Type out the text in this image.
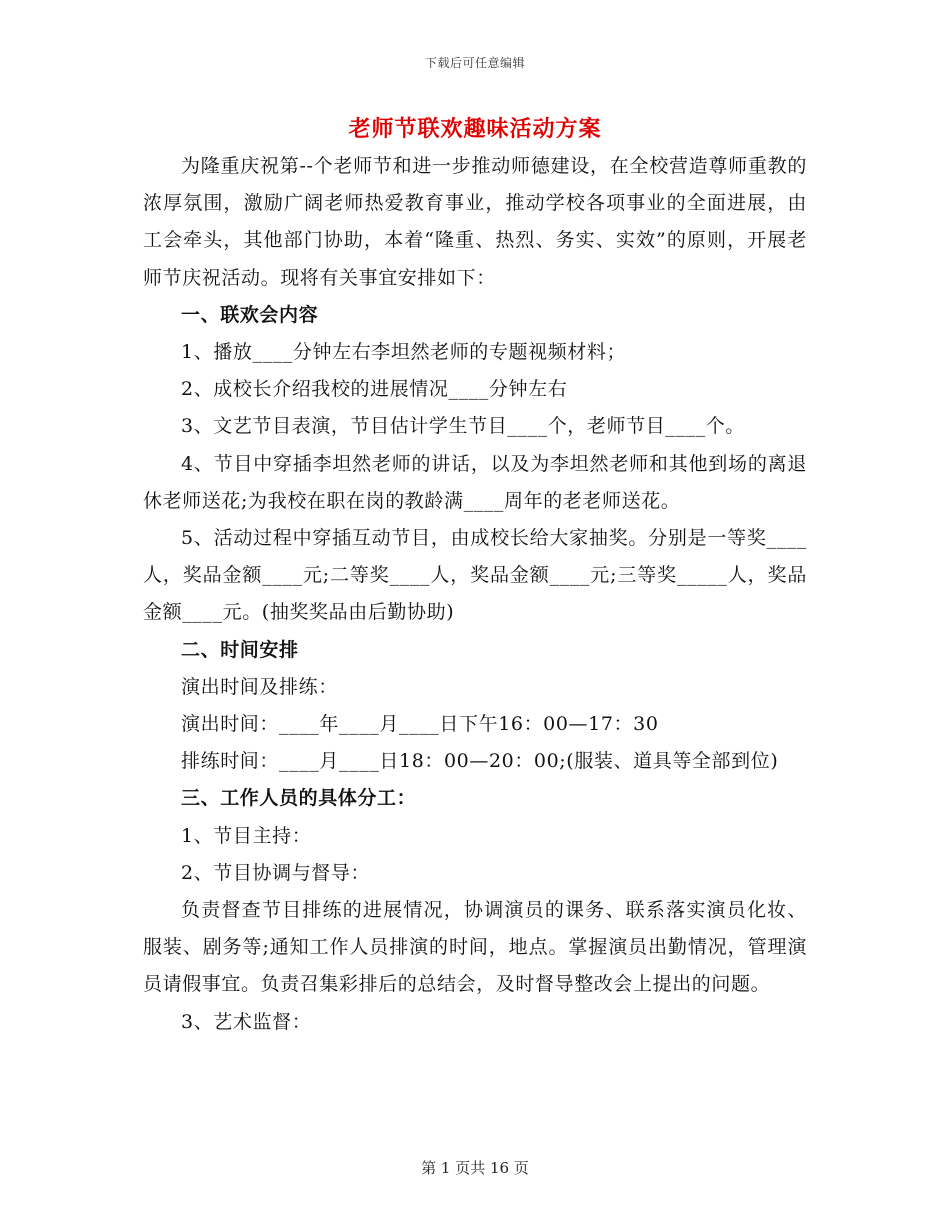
下载后可任意编辑
老师节联欢趣味活动方案

为隆重庆祝第--个老师节和进一步推动师德建设，在全校营造尊师重教的浓厚氛围，激励广阔老师热爱教育事业，推动学校各项事业的全面进展，由工会牵头，其他部门协助，本着“隆重、热烈、务实、实效”的原则，开展老师节庆祝活动。现将有关事宜安排如下：

一、联欢会内容

1、播放____分钟左右李坦然老师的专题视频材料；

2、成校长介绍我校的进展情况____分钟左右

3、文艺节目表演，节目估计学生节目____个，老师节目____个。

4、节目中穿插李坦然老师的讲话，以及为李坦然老师和其他到场的离退休老师送花;为我校在职在岗的教龄满____周年的老老师送花。

5、活动过程中穿插互动节目，由成校长给大家抽奖。分别是一等奖____人，奖品金额____元;二等奖____人，奖品金额____元;三等奖_____人，奖品金额____元。(抽奖奖品由后勤协助)

二、时间安排

演出时间及排练：

演出时间：____年____月____日下午16：00—17：30

排练时间：____月____日18：00—20：00;(服装、道具等全部到位)

三、工作人员的具体分工：

1、节目主持：

2、节目协调与督导：

负责督查节目排练的进展情况，协调演员的课务、联系落实演员化妆、服装、剧务等;通知工作人员排演的时间，地点。掌握演员出勤情况，管理演员请假事宜。负责召集彩排后的总结会，及时督导整改会上提出的问题。

3、艺术监督：

第 1 页共 16 页
